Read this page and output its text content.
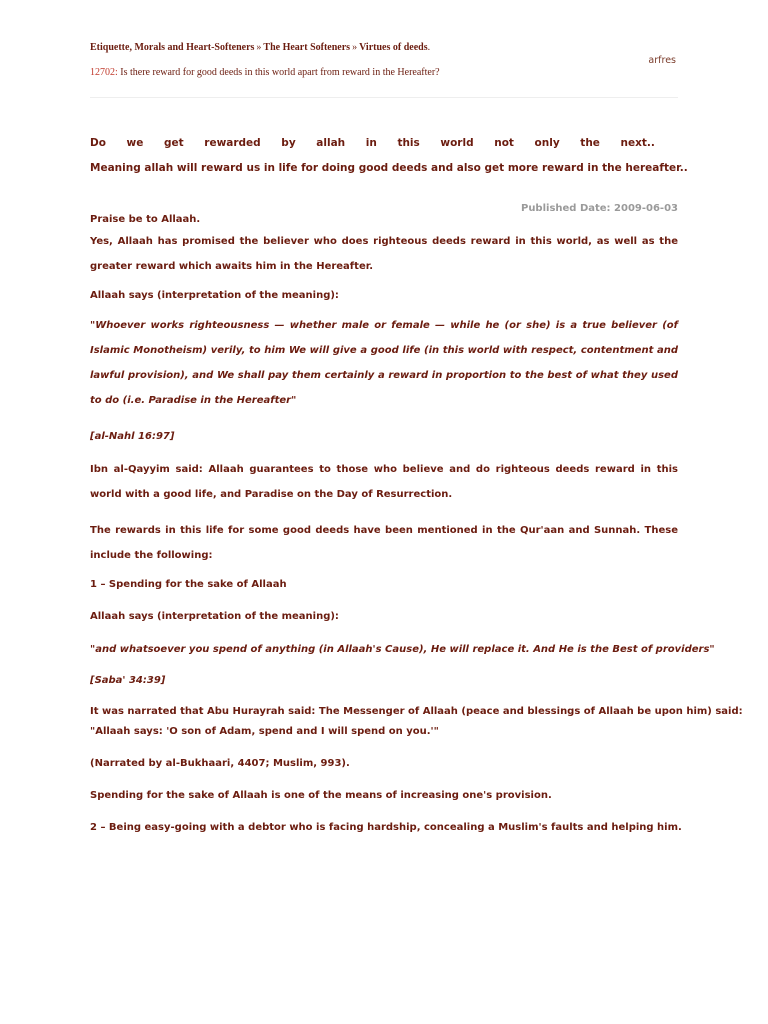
Etiquette, Morals and Heart-Softeners » The Heart Softeners » Virtues of deeds.
arfres
12702: Is there reward for good deeds in this world apart from reward in the Hereafter?
Do we get rewarded by allah in this world not only the next..
Meaning allah will reward us in life for doing good deeds and also get more reward in the hereafter..
Published Date: 2009-06-03

Praise be to Allaah.

Yes, Allaah has promised the believer who does righteous deeds reward in this world, as well as the greater reward which awaits him in the Hereafter.

Allaah says (interpretation of the meaning):

"Whoever works righteousness — whether male or female — while he (or she) is a true believer (of Islamic Monotheism) verily, to him We will give a good life (in this world with respect, contentment and lawful provision), and We shall pay them certainly a reward in proportion to the best of what they used to do (i.e. Paradise in the Hereafter"

[al-Nahl 16:97]

Ibn al-Qayyim said: Allaah guarantees to those who believe and do righteous deeds reward in this world with a good life, and Paradise on the Day of Resurrection.

The rewards in this life for some good deeds have been mentioned in the Qur'aan and Sunnah. These include the following:

1 – Spending for the sake of Allaah

Allaah says (interpretation of the meaning):

"and whatsoever you spend of anything (in Allaah's Cause), He will replace it. And He is the Best of providers"

[Saba' 34:39]

It was narrated that Abu Hurayrah said: The Messenger of Allaah (peace and blessings of Allaah be upon him) said:

"Allaah says: 'O son of Adam, spend and I will spend on you.'"

(Narrated by al-Bukhaari, 4407; Muslim, 993).

Spending for the sake of Allaah is one of the means of increasing one's provision.

2 – Being easy-going with a debtor who is facing hardship, concealing a Muslim's faults and helping him.
